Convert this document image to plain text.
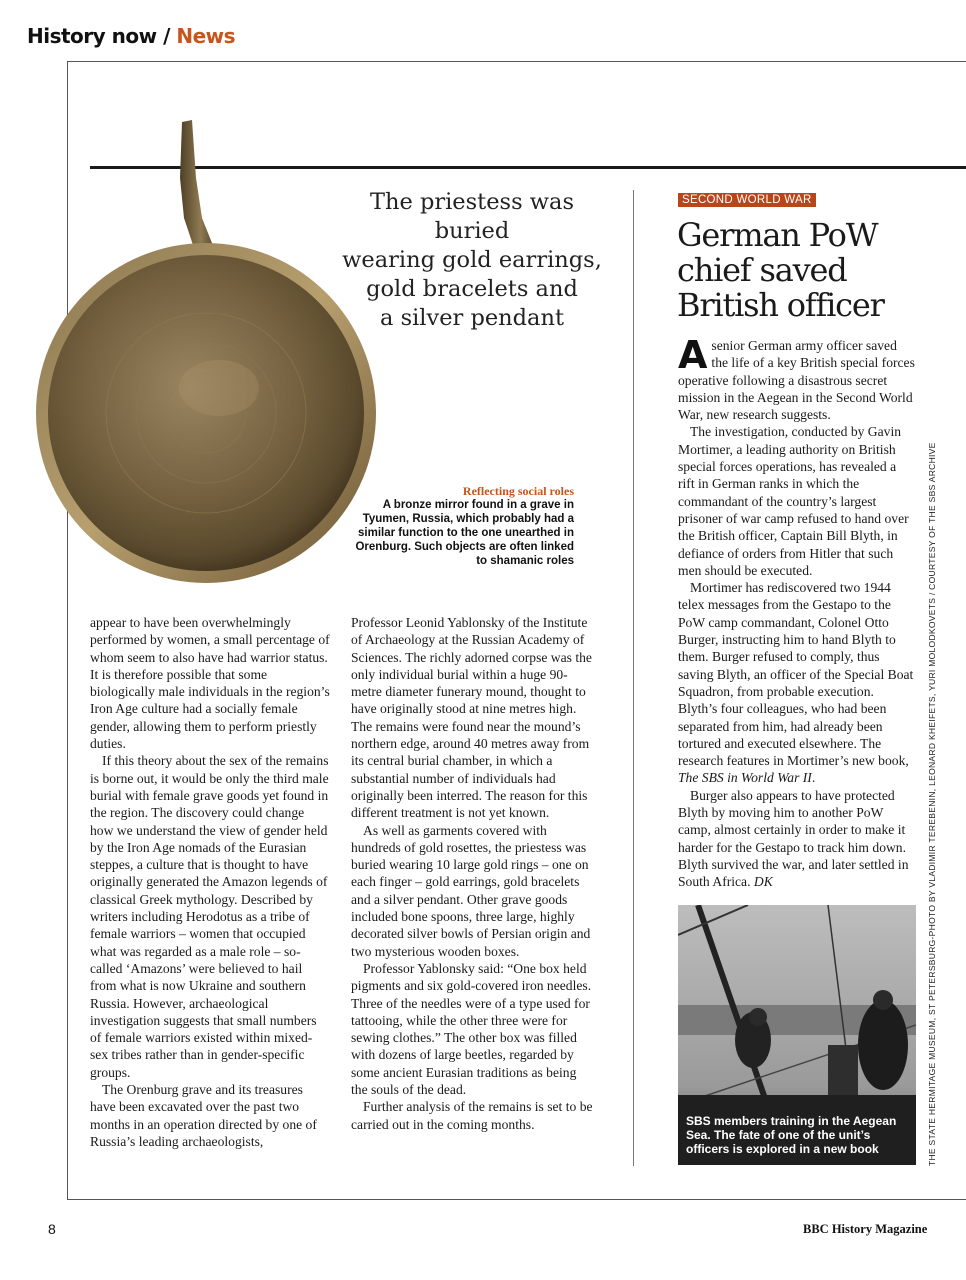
History now / News
The priestess was buried
wearing gold earrings,
gold bracelets and
a silver pendant
Reflecting social roles
A bronze mirror found in a grave in Tyumen, Russia, which probably had a similar function to the one unearthed in Orenburg. Such objects are often linked to shamanic roles

appear to have been overwhelmingly performed by women, a small percentage of whom seem to also have had warrior status. It is therefore possible that some biologically male individuals in the region’s Iron Age culture had a socially female gender, allowing them to perform priestly duties.

If this theory about the sex of the remains is borne out, it would be only the third male burial with female grave goods yet found in the region. The discovery could change how we understand the view of gender held by the Iron Age nomads of the Eurasian steppes, a culture that is thought to have originally generated the Amazon legends of classical Greek mythology. Described by writers including Herodotus as a tribe of female warriors – women that occupied what was regarded as a male role – so-called ‘Amazons’ were believed to hail from what is now Ukraine and southern Russia. However, archaeological investigation suggests that small numbers of female warriors existed within mixed-sex tribes rather than in gender-specific groups.

The Orenburg grave and its treasures have been excavated over the past two months in an operation directed by one of Russia’s leading archaeologists,

Professor Leonid Yablonsky of the Institute of Archaeology at the Russian Academy of Sciences. The richly adorned corpse was the only individual burial within a huge 90-metre diameter funerary mound, thought to have originally stood at nine metres high. The remains were found near the mound’s northern edge, around 40 metres away from its central burial chamber, in which a substantial number of individuals had originally been interred. The reason for this different treatment is not yet known.

As well as garments covered with hundreds of gold rosettes, the priestess was buried wearing 10 large gold rings – one on each finger – gold earrings, gold bracelets and a silver pendant. Other grave goods included bone spoons, three large, highly decorated silver bowls of Persian origin and two mysterious wooden boxes.

Professor Yablonsky said: “One box held pigments and six gold-covered iron needles. Three of the needles were of a type used for tattooing, while the other three were for sewing clothes.” The other box was filled with dozens of large beetles, regarded by some ancient Eurasian traditions as being the souls of the dead.

Further analysis of the remains is set to be carried out in the coming months.

SECOND WORLD WAR
German PoW chief saved British officer

Asenior German army officer saved the life of a key British special forces operative following a disastrous secret mission in the Aegean in the Second World War, new research suggests.

The investigation, conducted by Gavin Mortimer, a leading authority on British special forces operations, has revealed a rift in German ranks in which the commandant of the country’s largest prisoner of war camp refused to hand over the British officer, Captain Bill Blyth, in defiance of orders from Hitler that such men should be executed.

Mortimer has rediscovered two 1944 telex messages from the Gestapo to the PoW camp commandant, Colonel Otto Burger, instructing him to hand Blyth to them. Burger refused to comply, thus saving Blyth, an officer of the Special Boat Squadron, from probable execution. Blyth’s four colleagues, who had been separated from him, had already been tortured and executed elsewhere. The research features in Mortimer’s new book, The SBS in World War II.

Burger also appears to have protected Blyth by moving him to another PoW camp, almost certainly in order to make it harder for the Gestapo to track him down. Blyth survived the war, and later settled in South Africa. DK

SBS members training in the Aegean Sea. The fate of one of the unit’s officers is explored in a new book	THE STATE HERMITAGE MUSEUM, ST PETERSBURG-PHOTO BY VLADIMIR TEREBENIN, LEONARD KHEIFETS, YURI MOLODKOVETS / COURTESY OF THE SBS ARCHIVE
8	BBC History Magazine
